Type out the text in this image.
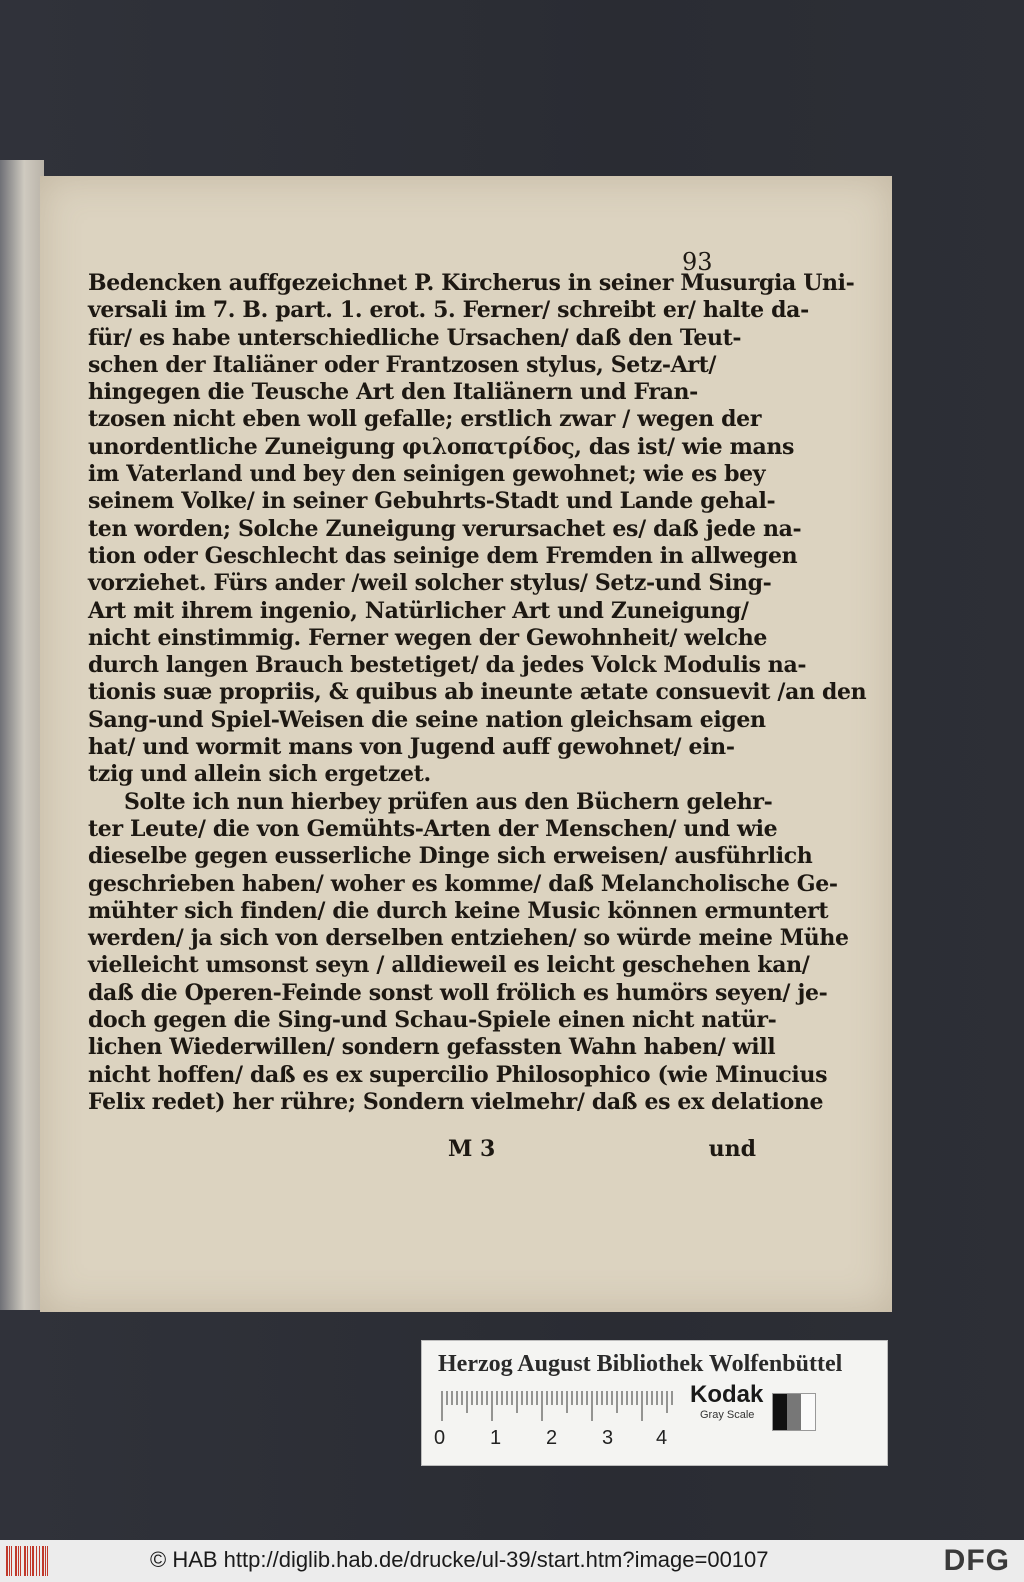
93
Bedencken auffgezeichnet P. Kircherus in seiner Musurgia Uni-
versali im 7. B. part. 1. erot. 5. Ferner/ schreibt er/ halte da-
für/ es habe unterschiedliche Ursachen/ daß den Teut-
schen der Italiäner oder Frantzosen stylus, Setz-Art/
hingegen die Teusche Art den Italiänern und Fran-
tzosen nicht eben woll gefalle; erstlich zwar / wegen der
unordentliche Zuneigung φιλοπατρίδος, das ist/ wie mans
im Vaterland und bey den seinigen gewohnet; wie es bey
seinem Volke/ in seiner Gebuhrts-Stadt und Lande gehal-
ten worden; Solche Zuneigung verursachet es/ daß jede na-
tion oder Geschlecht das seinige dem Fremden in allwegen
vorziehet. Fürs ander /weil solcher stylus/ Setz-und Sing-
Art mit ihrem ingenio, Natürlicher Art und Zuneigung/
nicht einstimmig. Ferner wegen der Gewohnheit/ welche
durch langen Brauch bestetiget/ da jedes Volck Modulis na-
tionis suæ propriis, & quibus ab ineunte ætate consuevit /an den
Sang-und Spiel-Weisen die seine nation gleichsam eigen
hat/ und wormit mans von Jugend auff gewohnet/ ein-
tzig und allein sich ergetzet.
Solte ich nun hierbey prüfen aus den Büchern gelehr-
ter Leute/ die von Gemühts-Arten der Menschen/ und wie
dieselbe gegen eusserliche Dinge sich erweisen/ ausführlich
geschrieben haben/ woher es komme/ daß Melancholische Ge-
mühter sich finden/ die durch keine Music können ermuntert
werden/ ja sich von derselben entziehen/ so würde meine Mühe
vielleicht umsonst seyn / alldieweil es leicht geschehen kan/
daß die Operen-Feinde sonst woll frölich es humörs seyen/ je-
doch gegen die Sing-und Schau-Spiele einen nicht natür-
lichen Wiederwillen/ sondern gefassten Wahn haben/ will
nicht hoffen/ daß es ex supercilio Philosophico (wie Minucius
Felix redet) her rühre; Sondern vielmehr/ daß es ex delatione
M 3	und
Herzog August Bibliothek Wolfenbüttel
0 1 2 3 4
Kodak
Gray Scale
© HAB http://diglib.hab.de/drucke/ul-39/start.htm?image=00107	DFG
